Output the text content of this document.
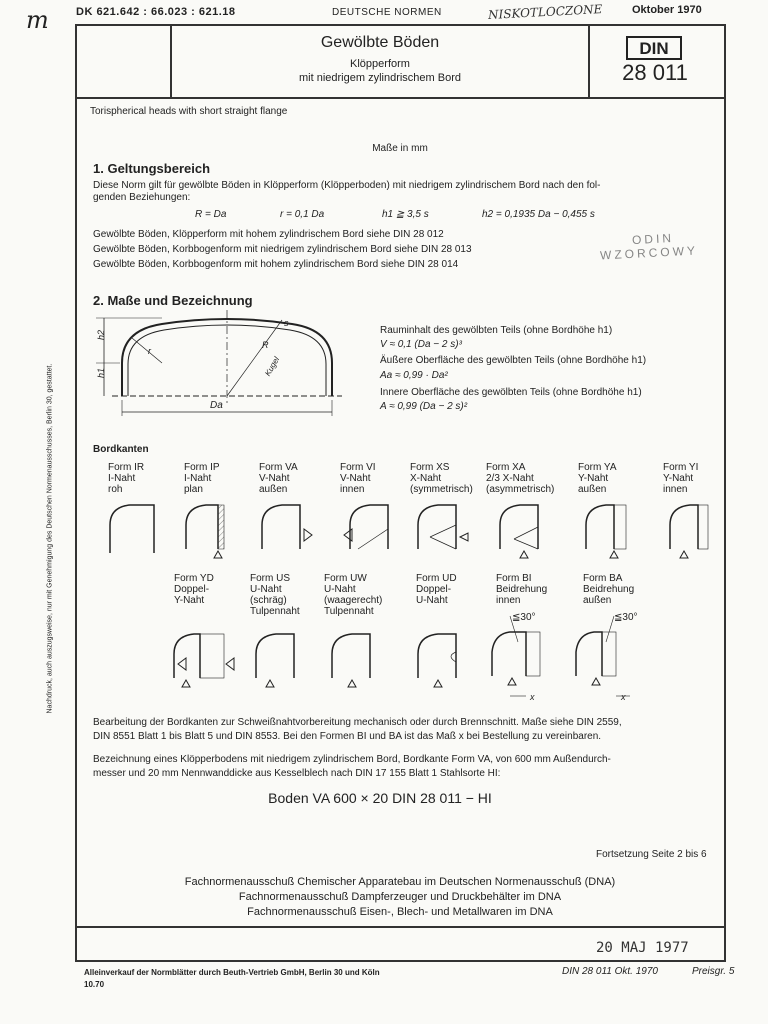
m DK 621.642 : 66.023 : 621.18	DEUTSCHE NORMEN	NISKOTLOCZONE	Oktober 1970
Gewölbte Böden
Klöpperform
mit niedrigem zylindrischem Bord
DIN
28 011
Torispherical heads with short straight flange
Maße in mm
1. Geltungsbereich
Diese Norm gilt für gewölbte Böden in Klöpperform (Klöpperboden) mit niedrigem zylindrischem Bord nach den fol-
genden Beziehungen:
R = Da	r = 0,1 Da	h1 ≧ 3,5 s	h2 = 0,1935 Da − 0,455 s
Gewölbte Böden, Klöpperform mit hohem zylindrischem Bord siehe DIN 28 012
Gewölbte Böden, Korbbogenform mit niedrigem zylindrischem Bord siehe DIN 28 013
Gewölbte Böden, Korbbogenform mit hohem zylindrischem Bord siehe DIN 28 014
ODIN
WZORCOWY
2. Maße und Bezeichnung
Da
h2
h1
s
r
R
Kugel
Rauminhalt des gewölbten Teils (ohne Bordhöhe h1)
V ≈ 0,1 (Da − 2 s)³
Äußere Oberfläche des gewölbten Teils (ohne Bordhöhe h1)
Aa ≈ 0,99 · Da²
Innere Oberfläche des gewölbten Teils (ohne Bordhöhe h1)
A ≈ 0,99 (Da − 2 s)²
Bordkanten
Form IR
I-Naht
roh
Form IP
I-Naht
plan
Form VA
V-Naht
außen
Form VI
V-Naht
innen
Form XS
X-Naht
(symmetrisch)
Form XA
2/3 X-Naht
(asymmetrisch)
Form YA
Y-Naht
außen
Form YI
Y-Naht
innen
Form YD
Doppel-
Y-Naht
Form US
U-Naht
(schräg)
Tulpennaht
Form UW
U-Naht
(waagerecht)
Tulpennaht
Form UD
Doppel-
U-Naht
Form BI
Beidrehung
innen
Form BA
Beidrehung
außen
≦30°	≦30°
x	x
Bearbeitung der Bordkanten zur Schweißnahtvorbereitung mechanisch oder durch Brennschnitt. Maße siehe DIN 2559,
DIN 8551 Blatt 1 bis Blatt 5 und DIN 8553. Bei den Formen BI und BA ist das Maß x bei Bestellung zu vereinbaren.
Bezeichnung eines Klöpperbodens mit niedrigem zylindrischem Bord, Bordkante Form VA, von 600 mm Außendurch-
messer und 20 mm Nennwanddicke aus Kesselblech nach DIN 17 155 Blatt 1 Stahlsorte HI:
Boden VA 600 × 20 DIN 28 011 − HI
Fortsetzung Seite 2 bis 6
Fachnormenausschuß Chemischer Apparatebau im Deutschen Normenausschuß (DNA)
Fachnormenausschuß Dampferzeuger und Druckbehälter im DNA
Fachnormenausschuß Eisen-, Blech- und Metallwaren im DNA
20 MAJ 1977
Nachdruck, auch auszugsweise, nur mit Genehmigung des Deutschen Normenausschusses, Berlin 30, gestattet.
Alleinverkauf der Normblätter durch Beuth-Vertrieb GmbH, Berlin 30 und Köln
10.70
DIN 28 011 Okt. 1970	Preisgr. 5
